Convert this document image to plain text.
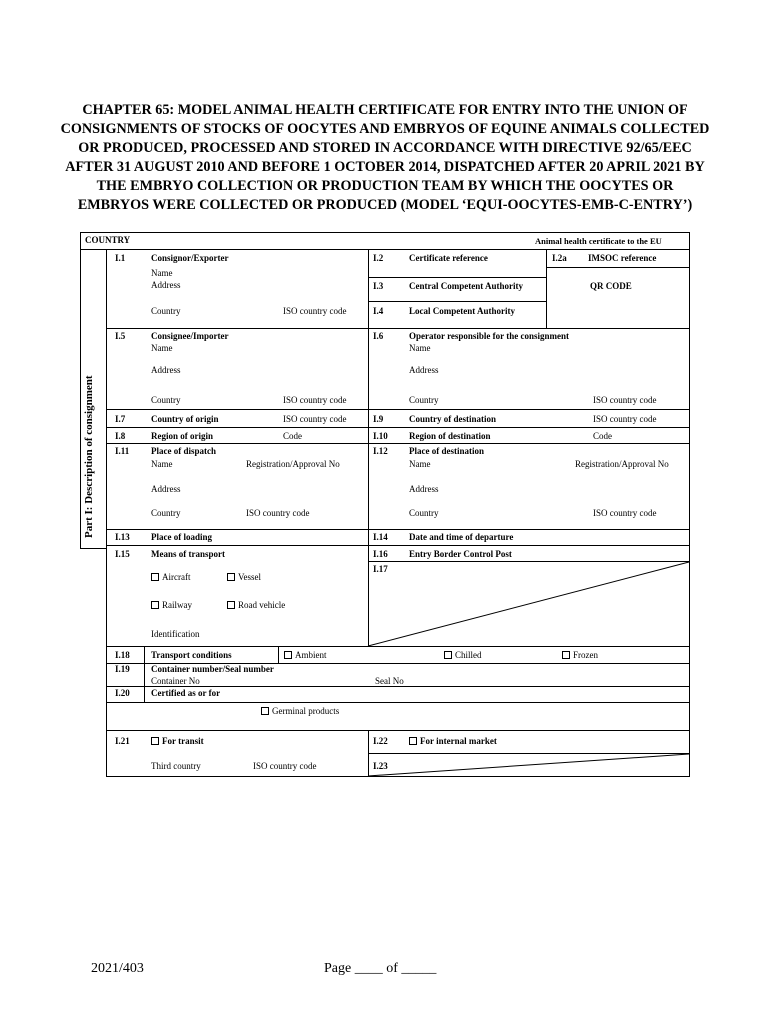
CHAPTER 65: MODEL ANIMAL HEALTH CERTIFICATE FOR ENTRY INTO THE UNION OF CONSIGNMENTS OF STOCKS OF OOCYTES AND EMBRYOS OF EQUINE ANIMALS COLLECTED OR PRODUCED, PROCESSED AND STORED IN ACCORDANCE WITH DIRECTIVE 92/65/EEC AFTER 31 AUGUST 2010 AND BEFORE 1 OCTOBER 2014, DISPATCHED AFTER 20 APRIL 2021 BY THE EMBRYO COLLECTION OR PRODUCTION TEAM BY WHICH THE OOCYTES OR EMBRYOS WERE COLLECTED OR PRODUCED (MODEL ‘EQUI-OOCYTES-EMB-C-ENTRY’)
COUNTRY	Animal health certificate to the EU
Part I: Description of consignment
I.1	Consignor/Exporter
Name
Address
Country	ISO country code
I.2	Certificate reference	I.2a IMSOC reference
I.3	Central Competent Authority	QR CODE
I.4	Local Competent Authority
I.5	Consignee/Importer
Name
Address
Country	ISO country code
I.6	Operator responsible for the consignment
Name
Address
Country	ISO country code
I.7	Country of origin	ISO country code	I.9	Country of destination	ISO country code
I.8	Region of origin	Code	I.10 Region of destination	Code
I.11 Place of dispatch
Name	Registration/Approval No
Address
Country	ISO country code
I.12 Place of destination
Name	Registration/Approval No
Address
Country	ISO country code
I.13 Place of loading	I.14 Date and time of departure
I.15 Means of transport
Aircraft	Vessel
Railway	Road vehicle
Identification
I.16 Entry Border Control Post
I.17
I.18 Transport conditions	Ambient	Chilled	Frozen
I.19 Container number/Seal number
Container No	Seal No
I.20 Certified as or for
Germinal products
I.21	For transit
Third country	ISO country code
I.22	For internal market
I.23
2021/403	Page ____ of _____
